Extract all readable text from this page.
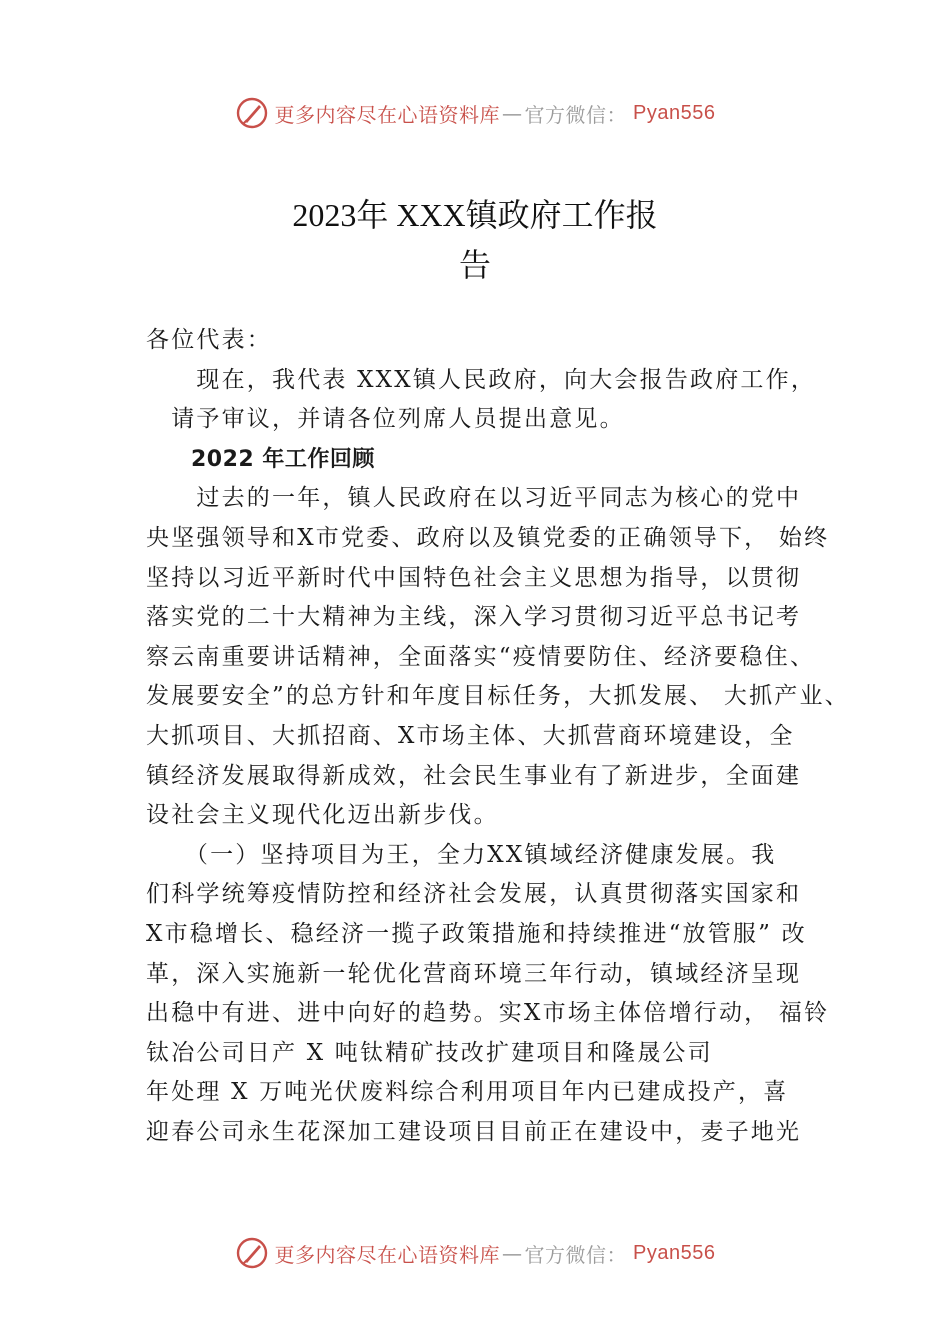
更多内容尽在心语资料库 — 官方微信： Pyan556
2023年 XXX镇政府工作报
告
各位代表：
　　现在，我代表 XXX镇人民政府，向大会报告政府工作，
　请予审议，并请各位列席人员提出意见。
　　2022 年工作回顾
　　过去的一年，镇人民政府在以习近平同志为核心的党中
央坚强领导和X市党委、政府以及镇党委的正确领导下， 始终
坚持以习近平新时代中国特色社会主义思想为指导，以贯彻
落实党的二十大精神为主线，深入学习贯彻习近平总书记考
察云南重要讲话精神，全面落实“疫情要防住、经济要稳住、
发展要安全”的总方针和年度目标任务，大抓发展、 大抓产业、
大抓项目、大抓招商、X市场主体、大抓营商环境建设，全
镇经济发展取得新成效，社会民生事业有了新进步，全面建
设社会主义现代化迈出新步伐。
　　（一）坚持项目为王，全力XX镇域经济健康发展。我
们科学统筹疫情防控和经济社会发展，认真贯彻落实国家和
X市稳增长、稳经济一揽子政策措施和持续推进“放管服” 改
革，深入实施新一轮优化营商环境三年行动，镇域经济呈现
出稳中有进、进中向好的趋势。实X市场主体倍增行动， 福铃
钛冶公司日产 X 吨钛精矿技改扩建项目和隆晟公司
年处理 X 万吨光伏废料综合利用项目年内已建成投产，喜
迎春公司永生花深加工建设项目目前正在建设中，麦子地光
更多内容尽在心语资料库 — 官方微信： Pyan556
